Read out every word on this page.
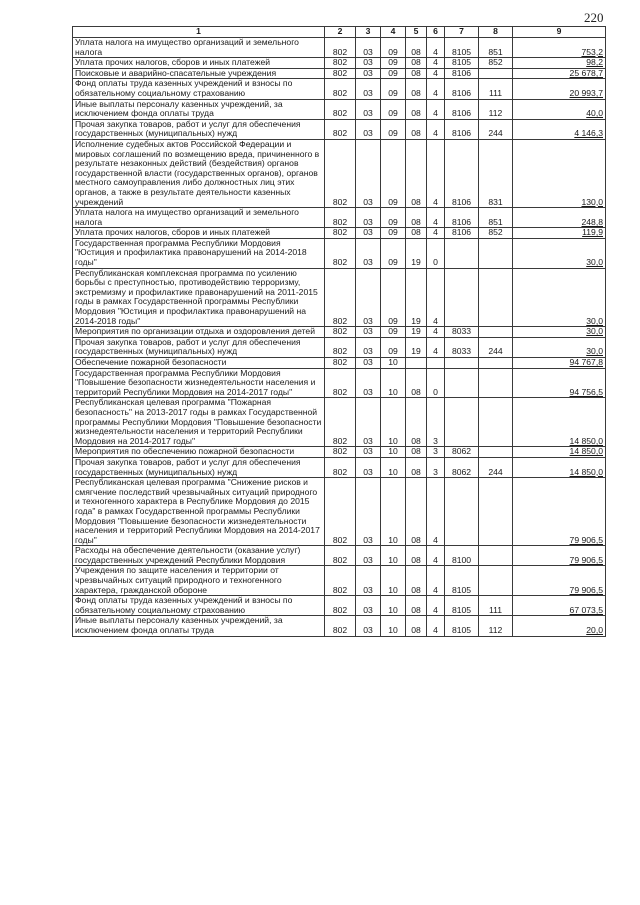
220
1	2	3	4	5	6	7	8	9
Уплата налога на имущество организаций и земельного налога	802	03	09	08	4	8105	851	753,2
Уплата прочих налогов, сборов и иных платежей	802	03	09	08	4	8105	852	98,2
Поисковые и аварийно-спасательные учреждения	802	03	09	08	4	8106		25 678,7
Фонд оплаты труда казенных учреждений и взносы по обязательному социальному страхованию	802	03	09	08	4	8106	111	20 993,7
Иные выплаты персоналу казенных учреждений, за исключением фонда оплаты труда	802	03	09	08	4	8106	112	40,0
Прочая закупка товаров, работ и услуг для обеспечения государственных (муниципальных) нужд	802	03	09	08	4	8106	244	4 146,3
Исполнение судебных актов Российской Федерации и мировых соглашений по возмещению вреда, причиненного в результате незаконных действий (бездействия) органов государственной власти (государственных органов), органов местного самоуправления либо должностных лиц этих органов, а также в результате деятельности казенных учреждений	802	03	09	08	4	8106	831	130,0
Уплата налога на имущество организаций и земельного налога	802	03	09	08	4	8106	851	248,8
Уплата прочих налогов, сборов и иных платежей	802	03	09	08	4	8106	852	119,9
Государственная программа Республики Мордовия "Юстиция и профилактика правонарушений на 2014-2018 годы"	802	03	09	19	0			30,0
Республиканская комплексная программа по усилению борьбы с преступностью, противодействию терроризму, экстремизму и профилактике правонарушений на 2011-2015 годы в рамках Государственной программы Республики Мордовия "Юстиция и профилактика правонарушений на 2014-2018 годы"	802	03	09	19	4			30,0
Мероприятия по организации отдыха и оздоровления детей	802	03	09	19	4	8033		30,0
Прочая закупка товаров, работ и услуг для обеспечения государственных (муниципальных) нужд	802	03	09	19	4	8033	244	30,0
Обеспечение пожарной безопасности	802	03	10					94 767,8
Государственная программа Республики Мордовия "Повышение безопасности жизнедеятельности населения и территорий Республики Мордовия на 2014-2017 годы"	802	03	10	08	0			94 756,5
Республиканская целевая программа "Пожарная безопасность" на 2013-2017 годы в рамках Государственной программы Республики Мордовия "Повышение безопасности жизнедеятельности населения и территорий Республики Мордовия на 2014-2017 годы"	802	03	10	08	3			14 850,0
Мероприятия по обеспечению пожарной безопасности	802	03	10	08	3	8062		14 850,0
Прочая закупка товаров, работ и услуг для обеспечения государственных (муниципальных) нужд	802	03	10	08	3	8062	244	14 850,0
Республиканская целевая программа "Снижение рисков и смягчение последствий чрезвычайных ситуаций природного и техногенного характера в Республике Мордовия до 2015 года" в рамках Государственной программы Республики Мордовия "Повышение безопасности жизнедеятельности населения и территорий Республики Мордовия на 2014-2017 годы"	802	03	10	08	4			79 906,5
Расходы на обеспечение деятельности (оказание услуг) государственных учреждений Республики Мордовия	802	03	10	08	4	8100		79 906,5
Учреждения по защите населения и территории от чрезвычайных ситуаций природного и техногенного характера, гражданской обороне	802	03	10	08	4	8105		79 906,5
Фонд оплаты труда казенных учреждений и взносы по обязательному социальному страхованию	802	03	10	08	4	8105	111	67 073,5
Иные выплаты персоналу казенных учреждений, за исключением фонда оплаты труда	802	03	10	08	4	8105	112	20,0
